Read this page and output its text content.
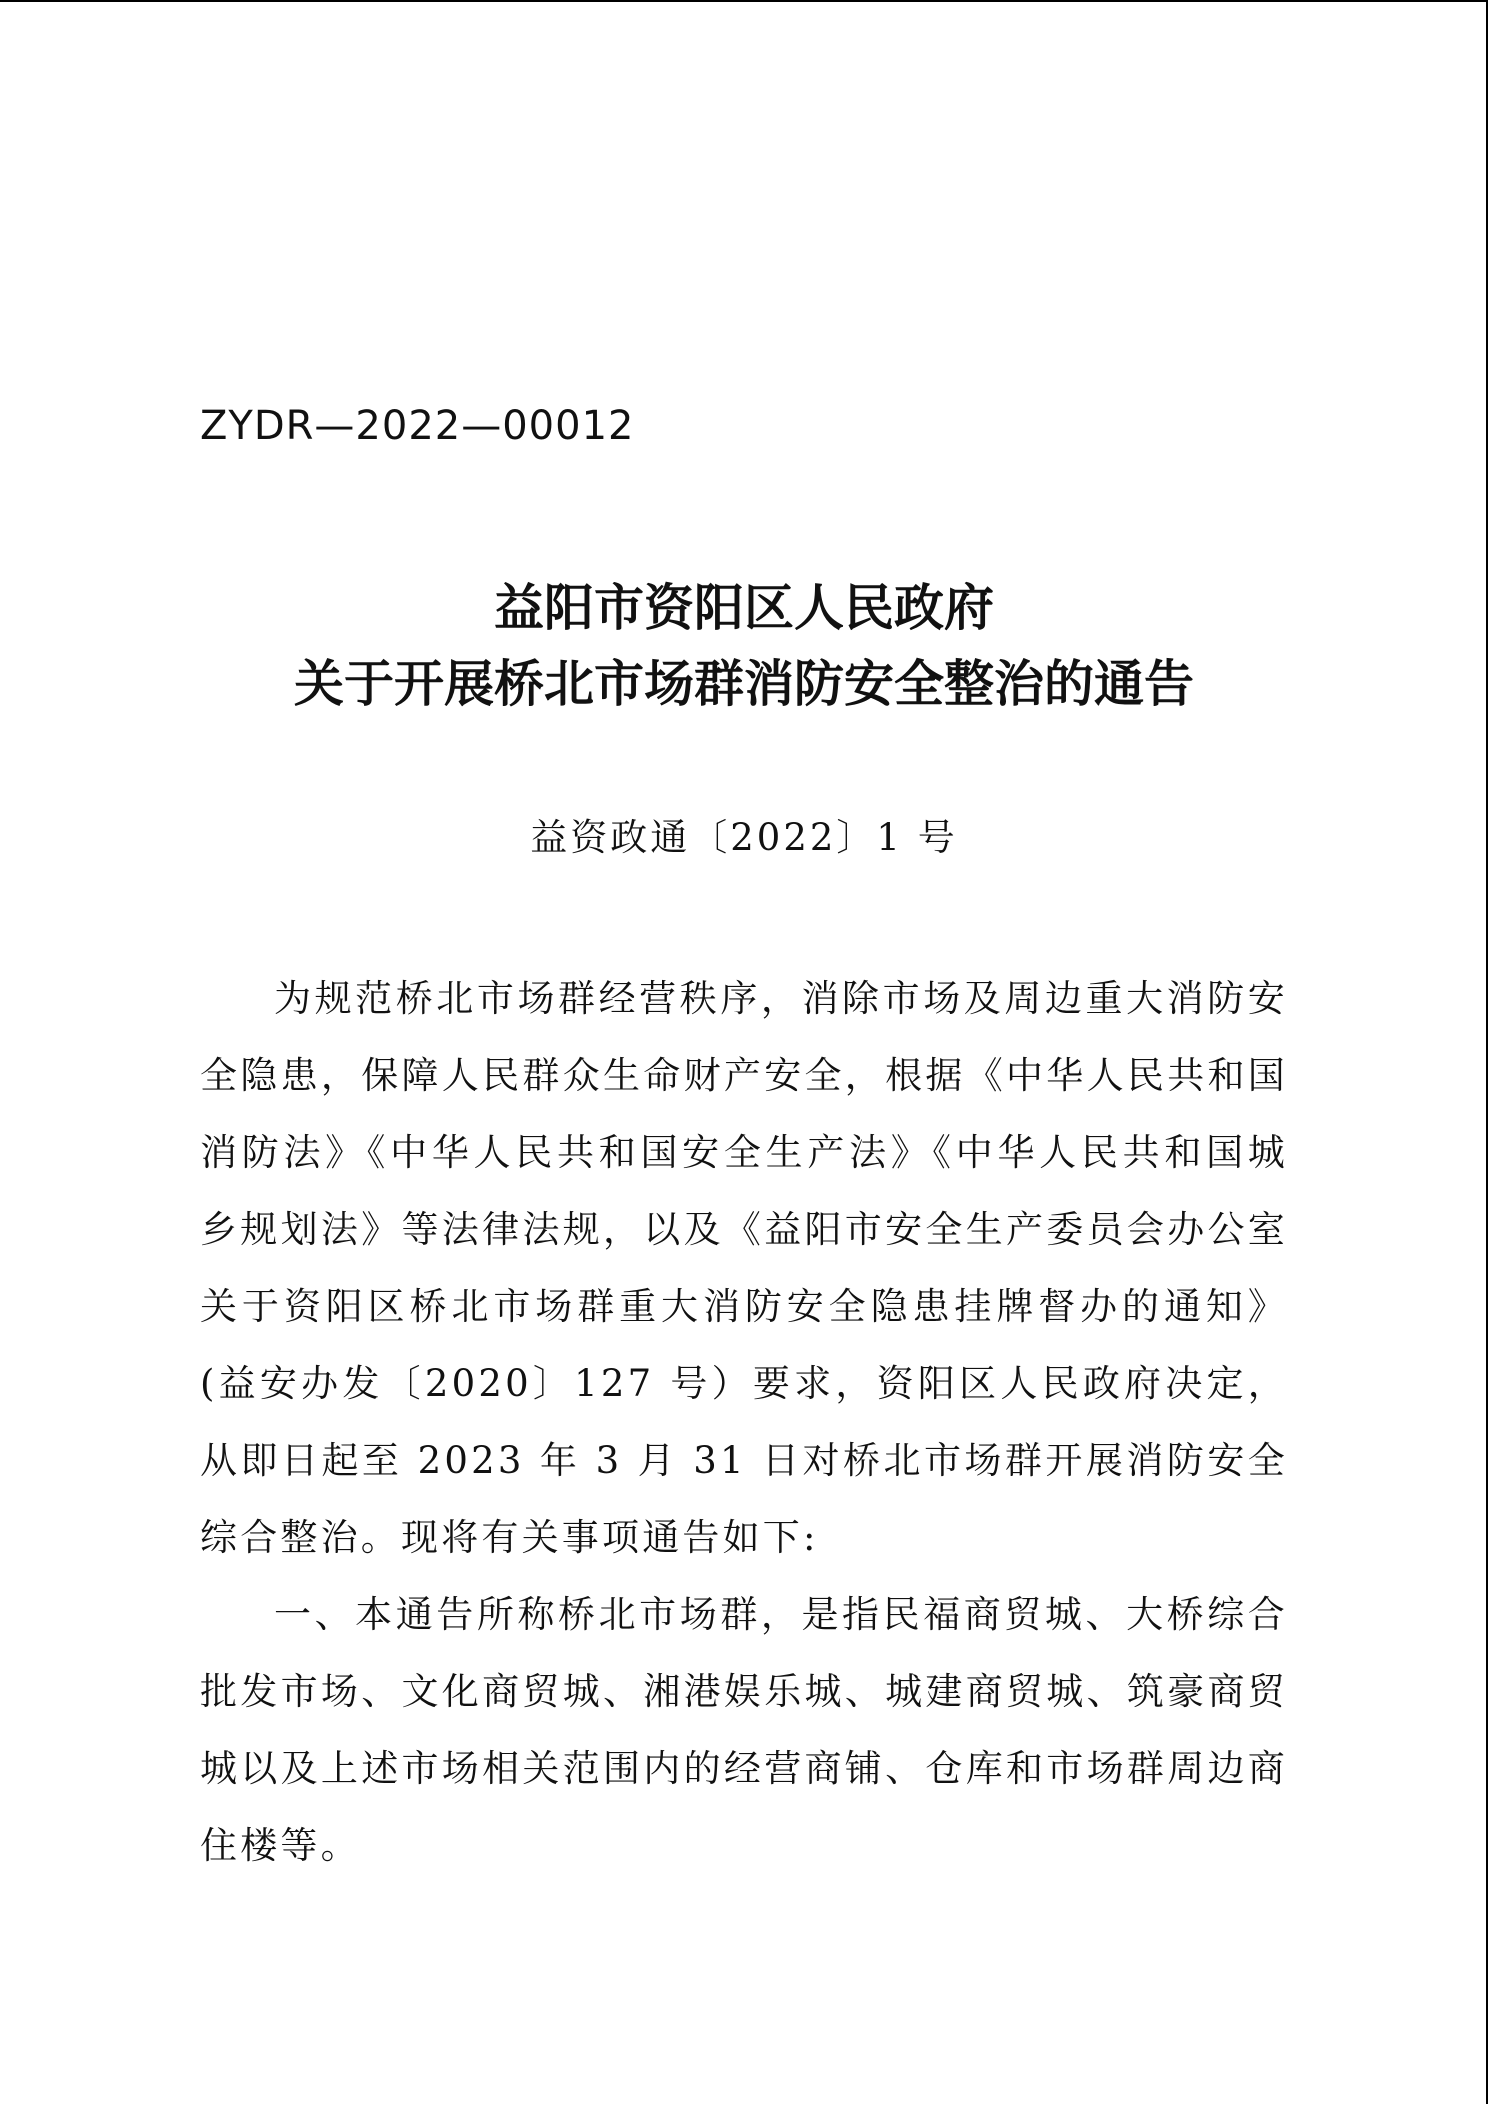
ZYDR—2022—00012
益阳市资阳区人民政府
关于开展桥北市场群消防安全整治的通告
益资政通〔2022〕1 号

为规范桥北市场群经营秩序，消除市场及周边重大消防安全隐患，保障人民群众生命财产安全，根据《中华人民共和国消防法》《中华人民共和国安全生产法》《中华人民共和国城乡规划法》等法律法规，以及《益阳市安全生产委员会办公室关于资阳区桥北市场群重大消防安全隐患挂牌督办的通知》(益安办发〔2020〕127 号）要求，资阳区人民政府决定，从即日起至 2023 年 3 月 31 日对桥北市场群开展消防安全综合整治。现将有关事项通告如下:

一、本通告所称桥北市场群，是指民福商贸城、大桥综合批发市场、文化商贸城、湘港娱乐城、城建商贸城、筑豪商贸城以及上述市场相关范围内的经营商铺、仓库和市场群周边商住楼等。
